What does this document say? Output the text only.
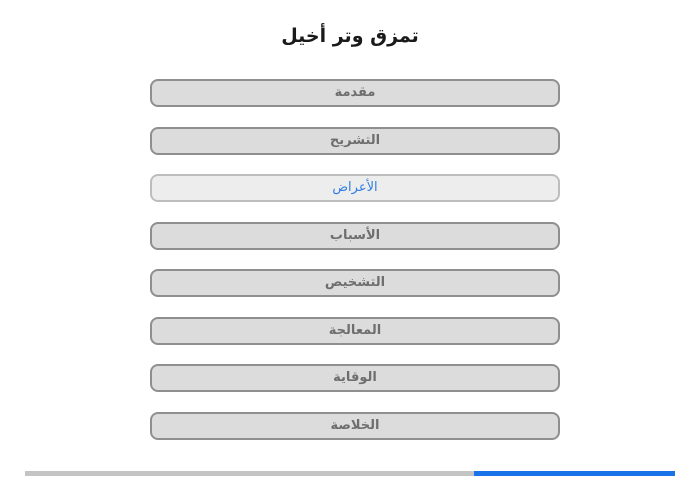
تمزق وتر أخيل
مقدمة
التشريح
الأعراض
الأسباب
التشخيص
المعالجة
الوقاية
الخلاصة
